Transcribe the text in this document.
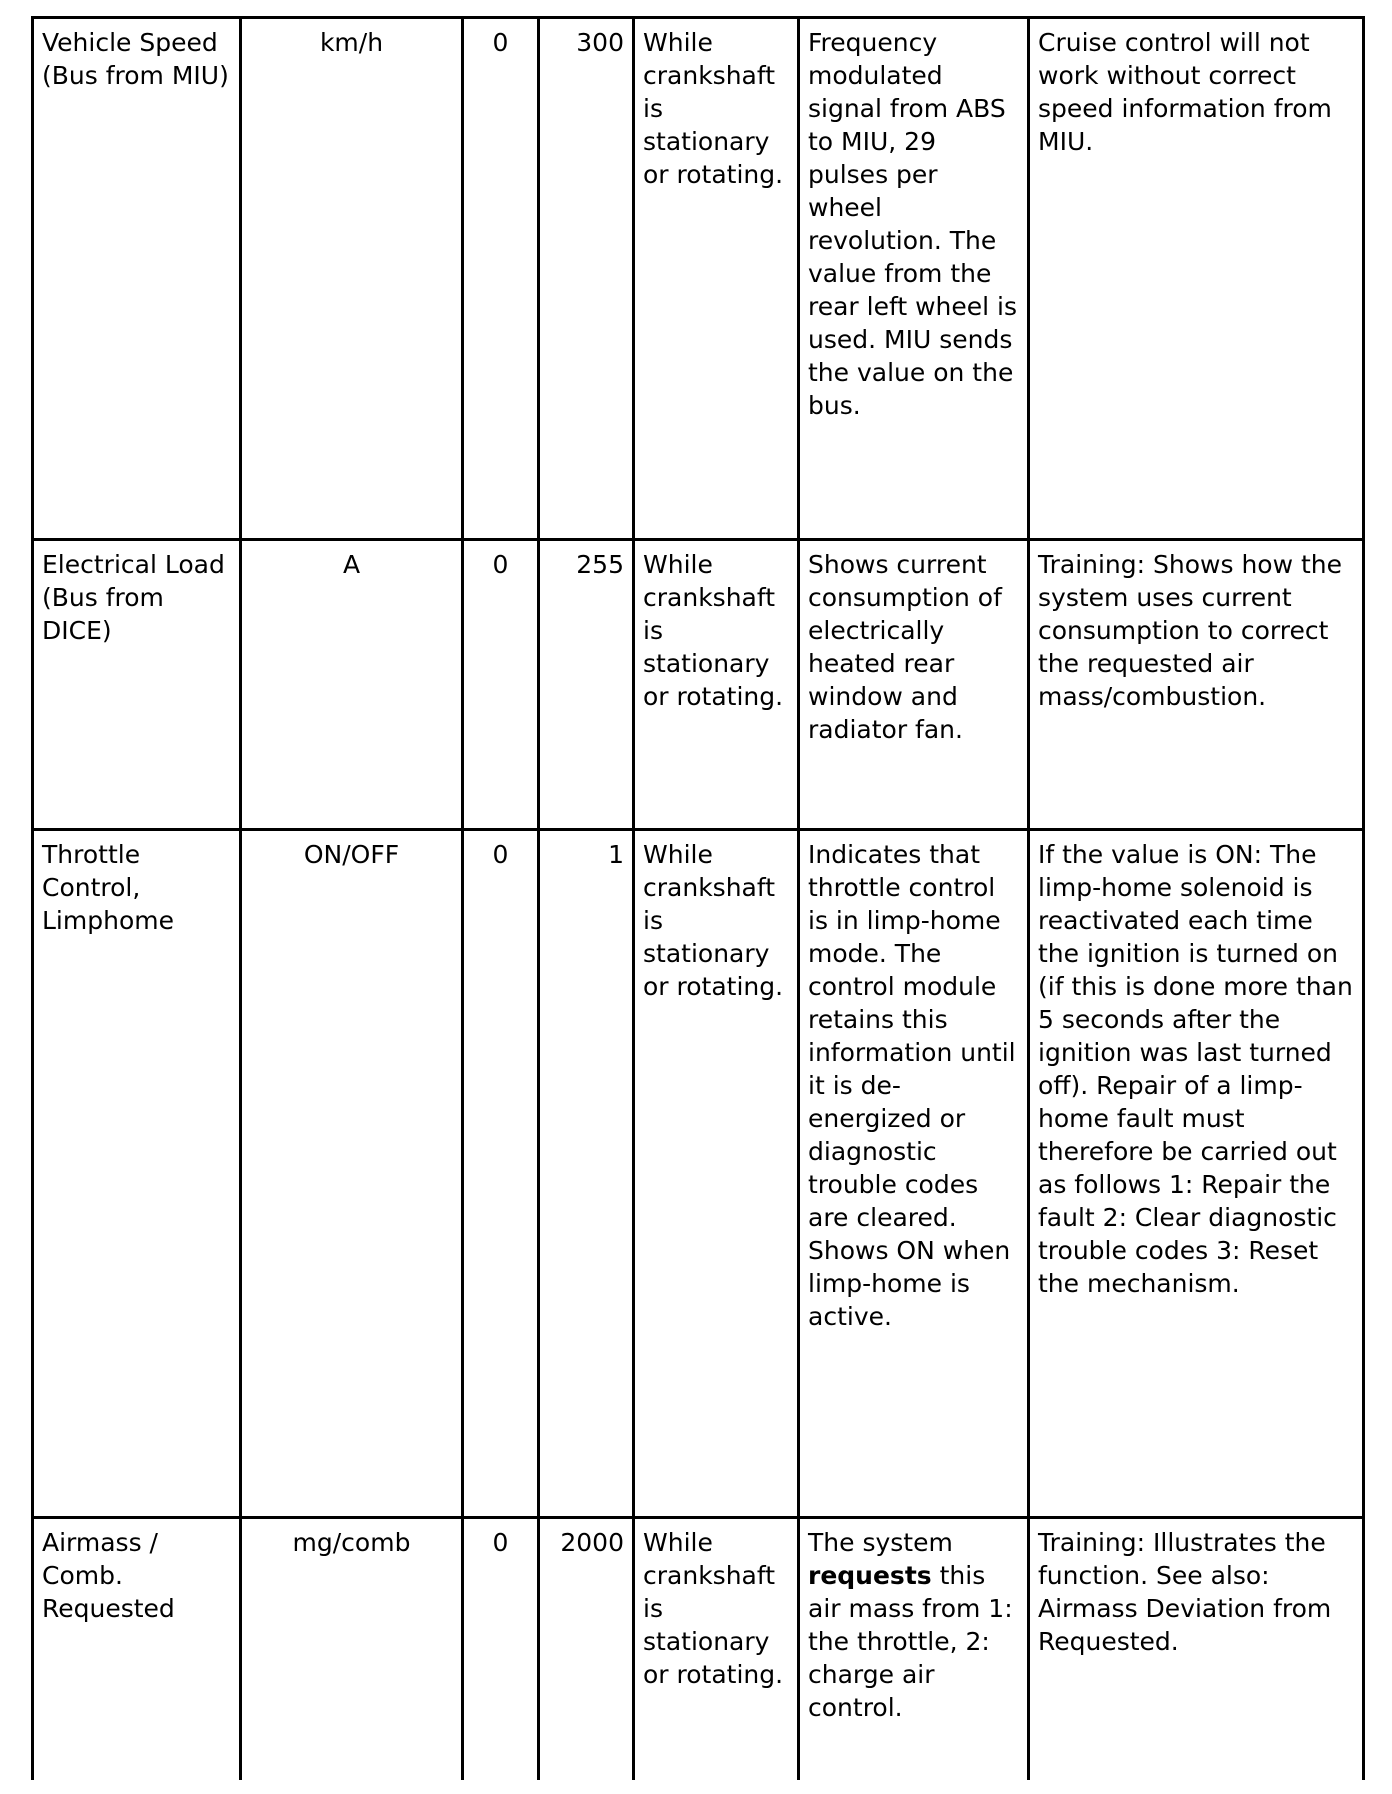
Vehicle Speed (Bus from MIU)	km/h	0	300	While crankshaft is stationary or rotating.	Frequency modulated signal from ABS to MIU, 29 pulses per wheel revolution. The value from the rear left wheel is used. MIU sends the value on the bus.	Cruise control will not work without correct speed information from MIU.
Electrical Load (Bus from DICE)	A	0	255	While crankshaft is stationary or rotating.	Shows current consumption of electrically heated rear window and radiator fan.	Training: Shows how the system uses current consumption to correct the requested air mass/combustion.
Throttle Control, Limphome	ON/OFF	0	1	While crankshaft is stationary or rotating.	Indicates that throttle control is in limp-home mode. The control module retains this information until it is de-energized or diagnostic trouble codes are cleared. Shows ON when limp-home is active.	If the value is ON: The limp-home solenoid is reactivated each time the ignition is turned on (if this is done more than 5 seconds after the ignition was last turned off). Repair of a limp-home fault must therefore be carried out as follows 1: Repair the fault 2: Clear diagnostic trouble codes 3: Reset the mechanism.
Airmass / Comb. Requested	mg/comb	0	2000	While crankshaft is stationary or rotating.	The system requests this air mass from 1: the throttle, 2: charge air control.	Training: Illustrates the function. See also: Airmass Deviation from Requested.
